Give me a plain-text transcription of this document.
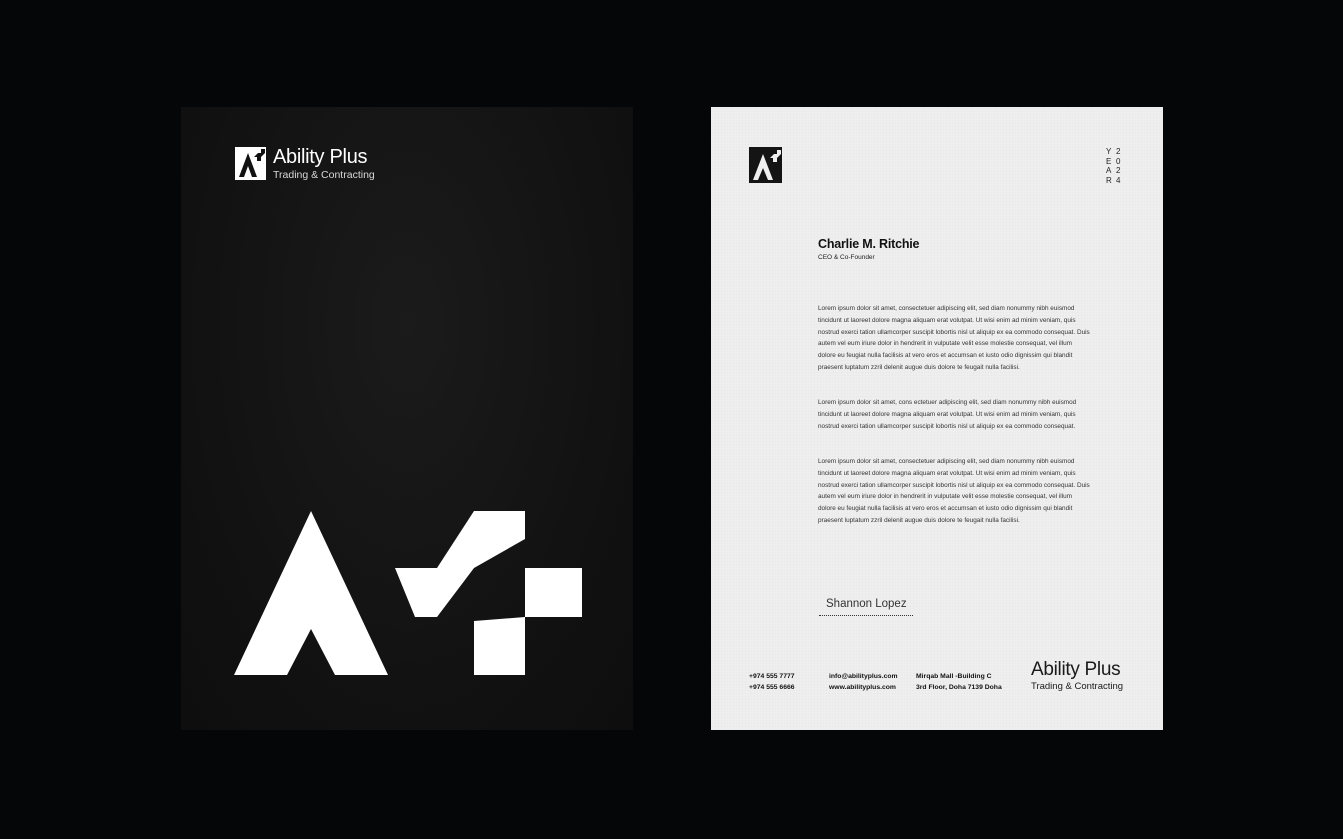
Ability Plus
Trading & Contracting
Y 2
E 0
A 2
R 4
Charlie M. Ritchie
CEO & Co-Founder
Lorem ipsum dolor sit amet, consectetuer adipiscing elit, sed diam nonummy nibh euismod tincidunt ut laoreet dolore magna aliquam erat volutpat. Ut wisi enim ad minim veniam, quis nostrud exerci tation ullamcorper suscipit lobortis nisl ut aliquip ex ea commodo consequat. Duis autem vel eum iriure dolor in hendrerit in vulputate velit esse molestie consequat, vel illum dolore eu feugiat nulla facilisis at vero eros et accumsan et iusto odio dignissim qui blandit praesent luptatum zzril delenit augue duis dolore te feugait nulla facilisi.
Lorem ipsum dolor sit amet, cons ectetuer adipiscing elit, sed diam nonummy nibh euismod tincidunt ut laoreet dolore magna aliquam erat volutpat. Ut wisi enim ad minim veniam, quis nostrud exerci tation ullamcorper suscipit lobortis nisl ut aliquip ex ea commodo consequat.
Lorem ipsum dolor sit amet, consectetuer adipiscing elit, sed diam nonummy nibh euismod tincidunt ut laoreet dolore magna aliquam erat volutpat. Ut wisi enim ad minim veniam, quis nostrud exerci tation ullamcorper suscipit lobortis nisl ut aliquip ex ea commodo consequat. Duis autem vel eum iriure dolor in hendrerit in vulputate velit esse molestie consequat, vel illum dolore eu feugiat nulla facilisis at vero eros et accumsan et iusto odio dignissim qui blandit praesent luptatum zzril delenit augue duis dolore te feugait nulla facilisi.
Shannon Lopez
+974 555 7777
+974 555 6666
info@abilityplus.com
www.abilityplus.com
Mirqab Mall -Building C
3rd Floor, Doha 7139 Doha
Ability Plus
Trading & Contracting
